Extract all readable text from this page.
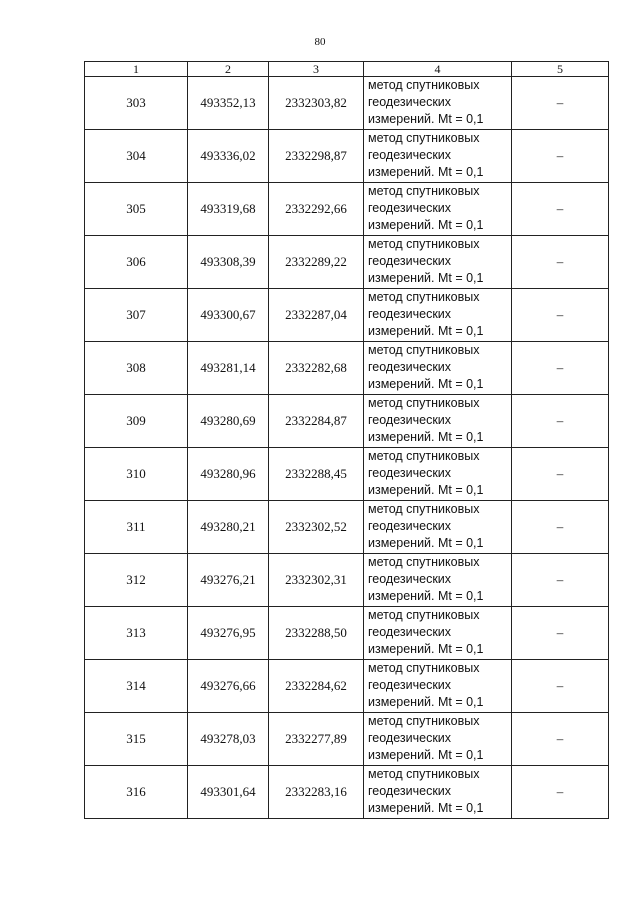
80
1	2	3	4	5
303	493352,13	2332303,82	метод спутниковых
геодезических
измерений. Mt = 0,1	–
304	493336,02	2332298,87	метод спутниковых
геодезических
измерений. Mt = 0,1	–
305	493319,68	2332292,66	метод спутниковых
геодезических
измерений. Mt = 0,1	–
306	493308,39	2332289,22	метод спутниковых
геодезических
измерений. Mt = 0,1	–
307	493300,67	2332287,04	метод спутниковых
геодезических
измерений. Mt = 0,1	–
308	493281,14	2332282,68	метод спутниковых
геодезических
измерений. Mt = 0,1	–
309	493280,69	2332284,87	метод спутниковых
геодезических
измерений. Mt = 0,1	–
310	493280,96	2332288,45	метод спутниковых
геодезических
измерений. Mt = 0,1	–
311	493280,21	2332302,52	метод спутниковых
геодезических
измерений. Mt = 0,1	–
312	493276,21	2332302,31	метод спутниковых
геодезических
измерений. Mt = 0,1	–
313	493276,95	2332288,50	метод спутниковых
геодезических
измерений. Mt = 0,1	–
314	493276,66	2332284,62	метод спутниковых
геодезических
измерений. Mt = 0,1	–
315	493278,03	2332277,89	метод спутниковых
геодезических
измерений. Mt = 0,1	–
316	493301,64	2332283,16	метод спутниковых
геодезических
измерений. Mt = 0,1	–
